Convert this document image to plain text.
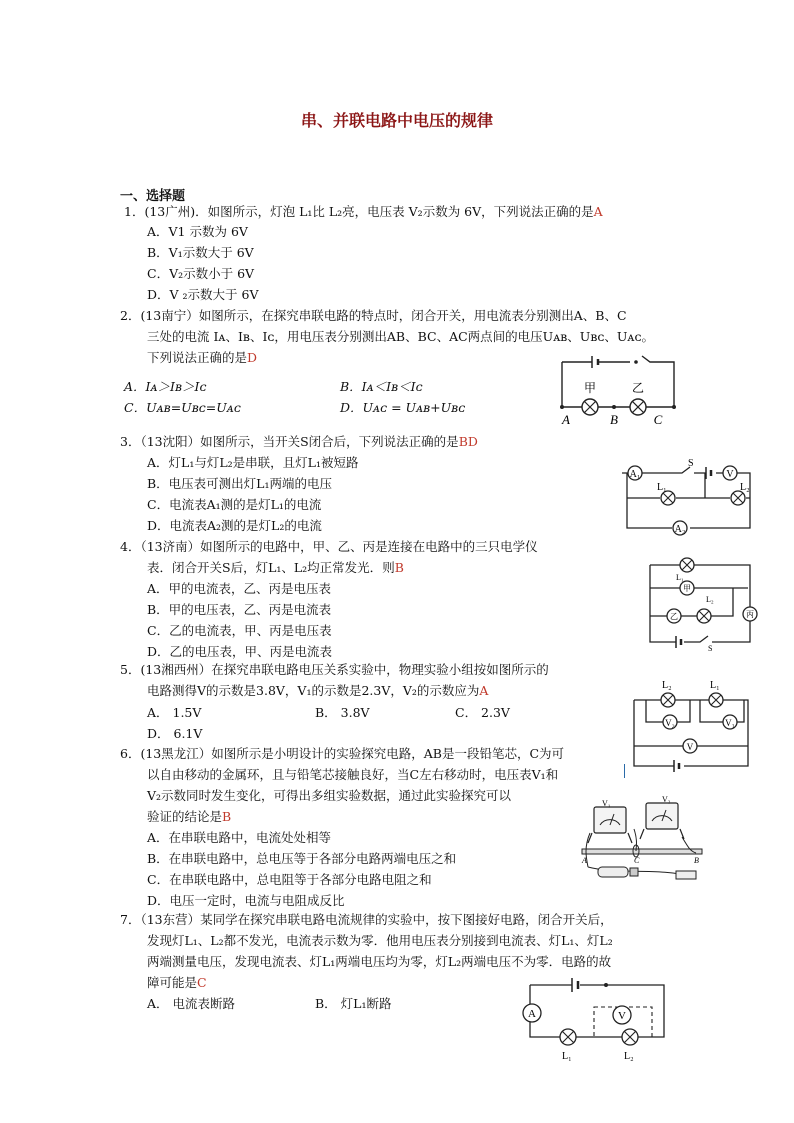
串、并联电路中电压的规律
一、选择题
1．(13广州)．如图所示，灯泡 L₁比 L₂亮，电压表 V₂示数为 6V，下列说法正确的是A
A．V1 示数为 6V
B．V₁示数大于 6V
C．V₂示数小于 6V
D．V ₂示数大于 6V
2．(13南宁）如图所示，在探究串联电路的特点时，闭合开关，用电流表分别测出A、B、C
三处的电流 Iᴀ、Iʙ、Iᴄ，用电压表分别测出AB、BC、AC两点间的电压Uᴀʙ、Uʙᴄ、Uᴀᴄ。
下列说法正确的是D
A．Iᴀ＞Iʙ＞Iᴄ	B．Iᴀ＜Iʙ＜Iᴄ
C．Uᴀʙ=Uʙᴄ=Uᴀᴄ	D．Uᴀᴄ = Uᴀʙ+Uʙᴄ
甲	乙
A	B	C
3．（13沈阳）如图所示，当开关S闭合后，下列说法正确的是BD
A．灯L₁与灯L₂是串联，且灯L₁被短路
B．电压表可测出灯L₁两端的电压
C．电流表A₁测的是灯L₁的电流
D．电流表A₂测的是灯L₂的电流
A₁	V
A₂
S
L₁	L₂
4．（13济南）如图所示的电路中，甲、乙、丙是连接在电路中的三只电学仪
表．闭合开关S后，灯L₁、L₂均正常发光．则B
A．甲的电流表，乙、丙是电压表
B．甲的电压表，乙、丙是电流表
C．乙的电流表，甲、丙是电压表
D．乙的电压表，甲、丙是电流表
甲
乙	丙
L₁
L₂
S
5．(13湘西州）在探究串联电路电压关系实验中，物理实验小组按如图所示的
电路测得V的示数是3.8V，V₁的示数是2.3V，V₂的示数应为A
A． 1.5V	B． 3.8V	C． 2.3V
D． 6.1V
L₂	L₁
V₂	V₁
V
6．(13黑龙江）如图所示是小明设计的实验探究电路，AB是一段铅笔芯，C为可
以自由移动的金属环，且与铅笔芯接触良好，当C左右移动时，电压表V₁和
V₂示数同时发生变化，可得出多组实验数据，通过此实验探究可以
验证的结论是B
A．在串联电路中，电流处处相等
B．在串联电路中，总电压等于各部分电路两端电压之和
C．在串联电路中，总电阻等于各部分电路电阻之和
D．电压一定时，电流与电阻成反比
V₁	V₂
A	C	B
7．（13东营）某同学在探究串联电路电流规律的实验中，按下图接好电路，闭合开关后，
发现灯L₁、L₂都不发光，电流表示数为零．他用电压表分别接到电流表、灯L₁、灯L₂
两端测量电压，发现电流表、灯L₁两端电压均为零，灯L₂两端电压不为零．电路的故
障可能是C
A． 电流表断路	B． 灯L₁断路
A	V
L₁	L₂
